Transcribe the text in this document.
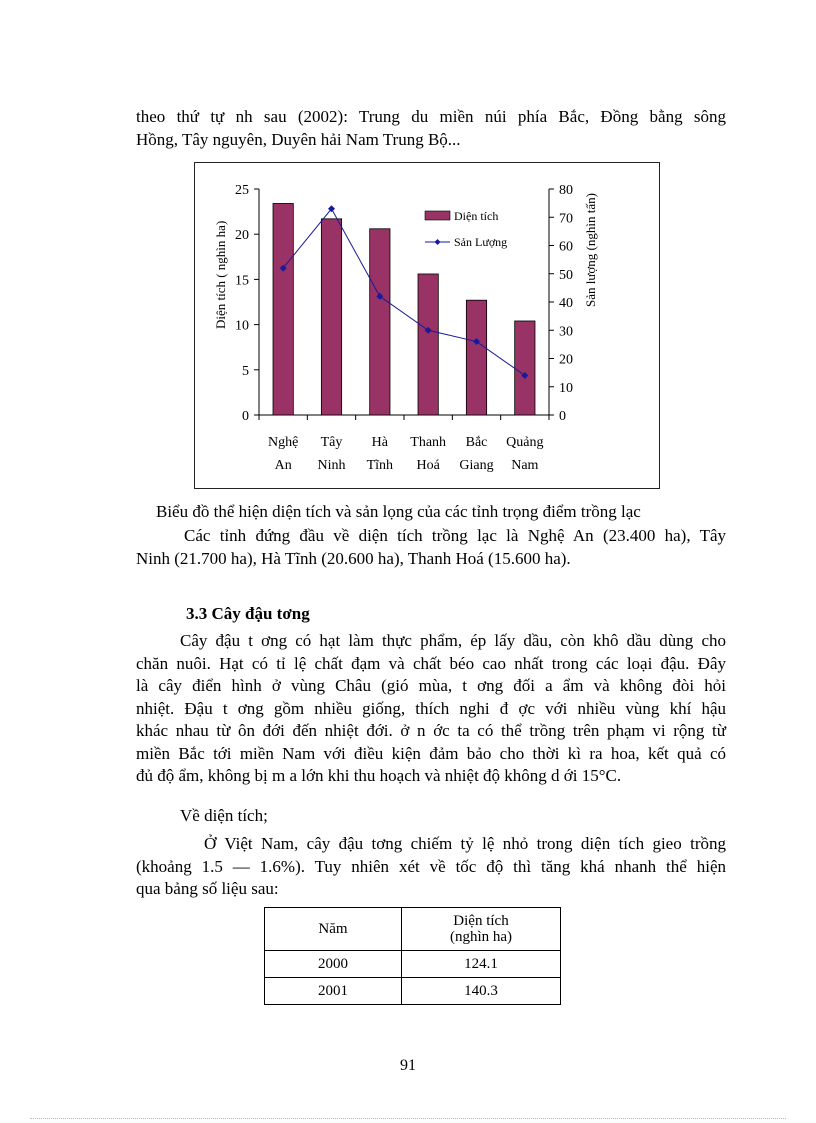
theo thứ tự nh sau (2002): Trung du miền núi phía Bắc, Đồng bằng sông
Hồng, Tây nguyên, Duyên hải Nam Trung Bộ...
0
5
10
15
20
25
0
10
20
30
40
50
60
70
80
Nghệ
An
Tây
Ninh
Hà
Tĩnh
Thanh
Hoá
Bắc
Giang
Quảng
Nam
Diện tích ( nghìn ha)	Sản lượng (nghìn tấn)
Diện tích
Sản Lượng
Biểu đồ thể hiện diện tích và sản lọng của các tỉnh trọng điểm trồng lạc
Các tỉnh đứng đầu về diện tích trồng lạc là Nghệ An (23.400 ha), Tây
Ninh (21.700 ha), Hà Tĩnh (20.600 ha), Thanh Hoá (15.600 ha).
3.3 Cây đậu tơng
Cây đậu t ơng có hạt làm thực phẩm, ép lấy dầu, còn khô dầu dùng cho
chăn nuôi. Hạt có tỉ lệ chất đạm và chất béo cao nhất trong các loại đậu. Đây
là cây điển hình ở vùng Châu (gió mùa, t ơng đối a ẩm và không đòi hỏi
nhiệt. Đậu t ơng gồm nhiều giống, thích nghi đ ợc với nhiều vùng khí hậu
khác nhau từ ôn đới đến nhiệt đới. ở n ớc ta có thể trồng trên phạm vi rộng từ
miền Bắc tới miền Nam với điều kiện đảm bảo cho thời kì ra hoa, kết quả có
đủ độ ẩm, không bị m a lớn khi thu hoạch và nhiệt độ không d ới 15°C.
Về diện tích;
Ở Việt Nam, cây đậu tơng chiếm tỷ lệ nhỏ trong diện tích gieo trồng
(khoảng 1.5 — 1.6%). Tuy nhiên xét về tốc độ thì tăng khá nhanh thể hiện
qua bảng số liệu sau:
Năm	Diện tích
(nghìn ha)

2000	124.1
2001	140.3
91
